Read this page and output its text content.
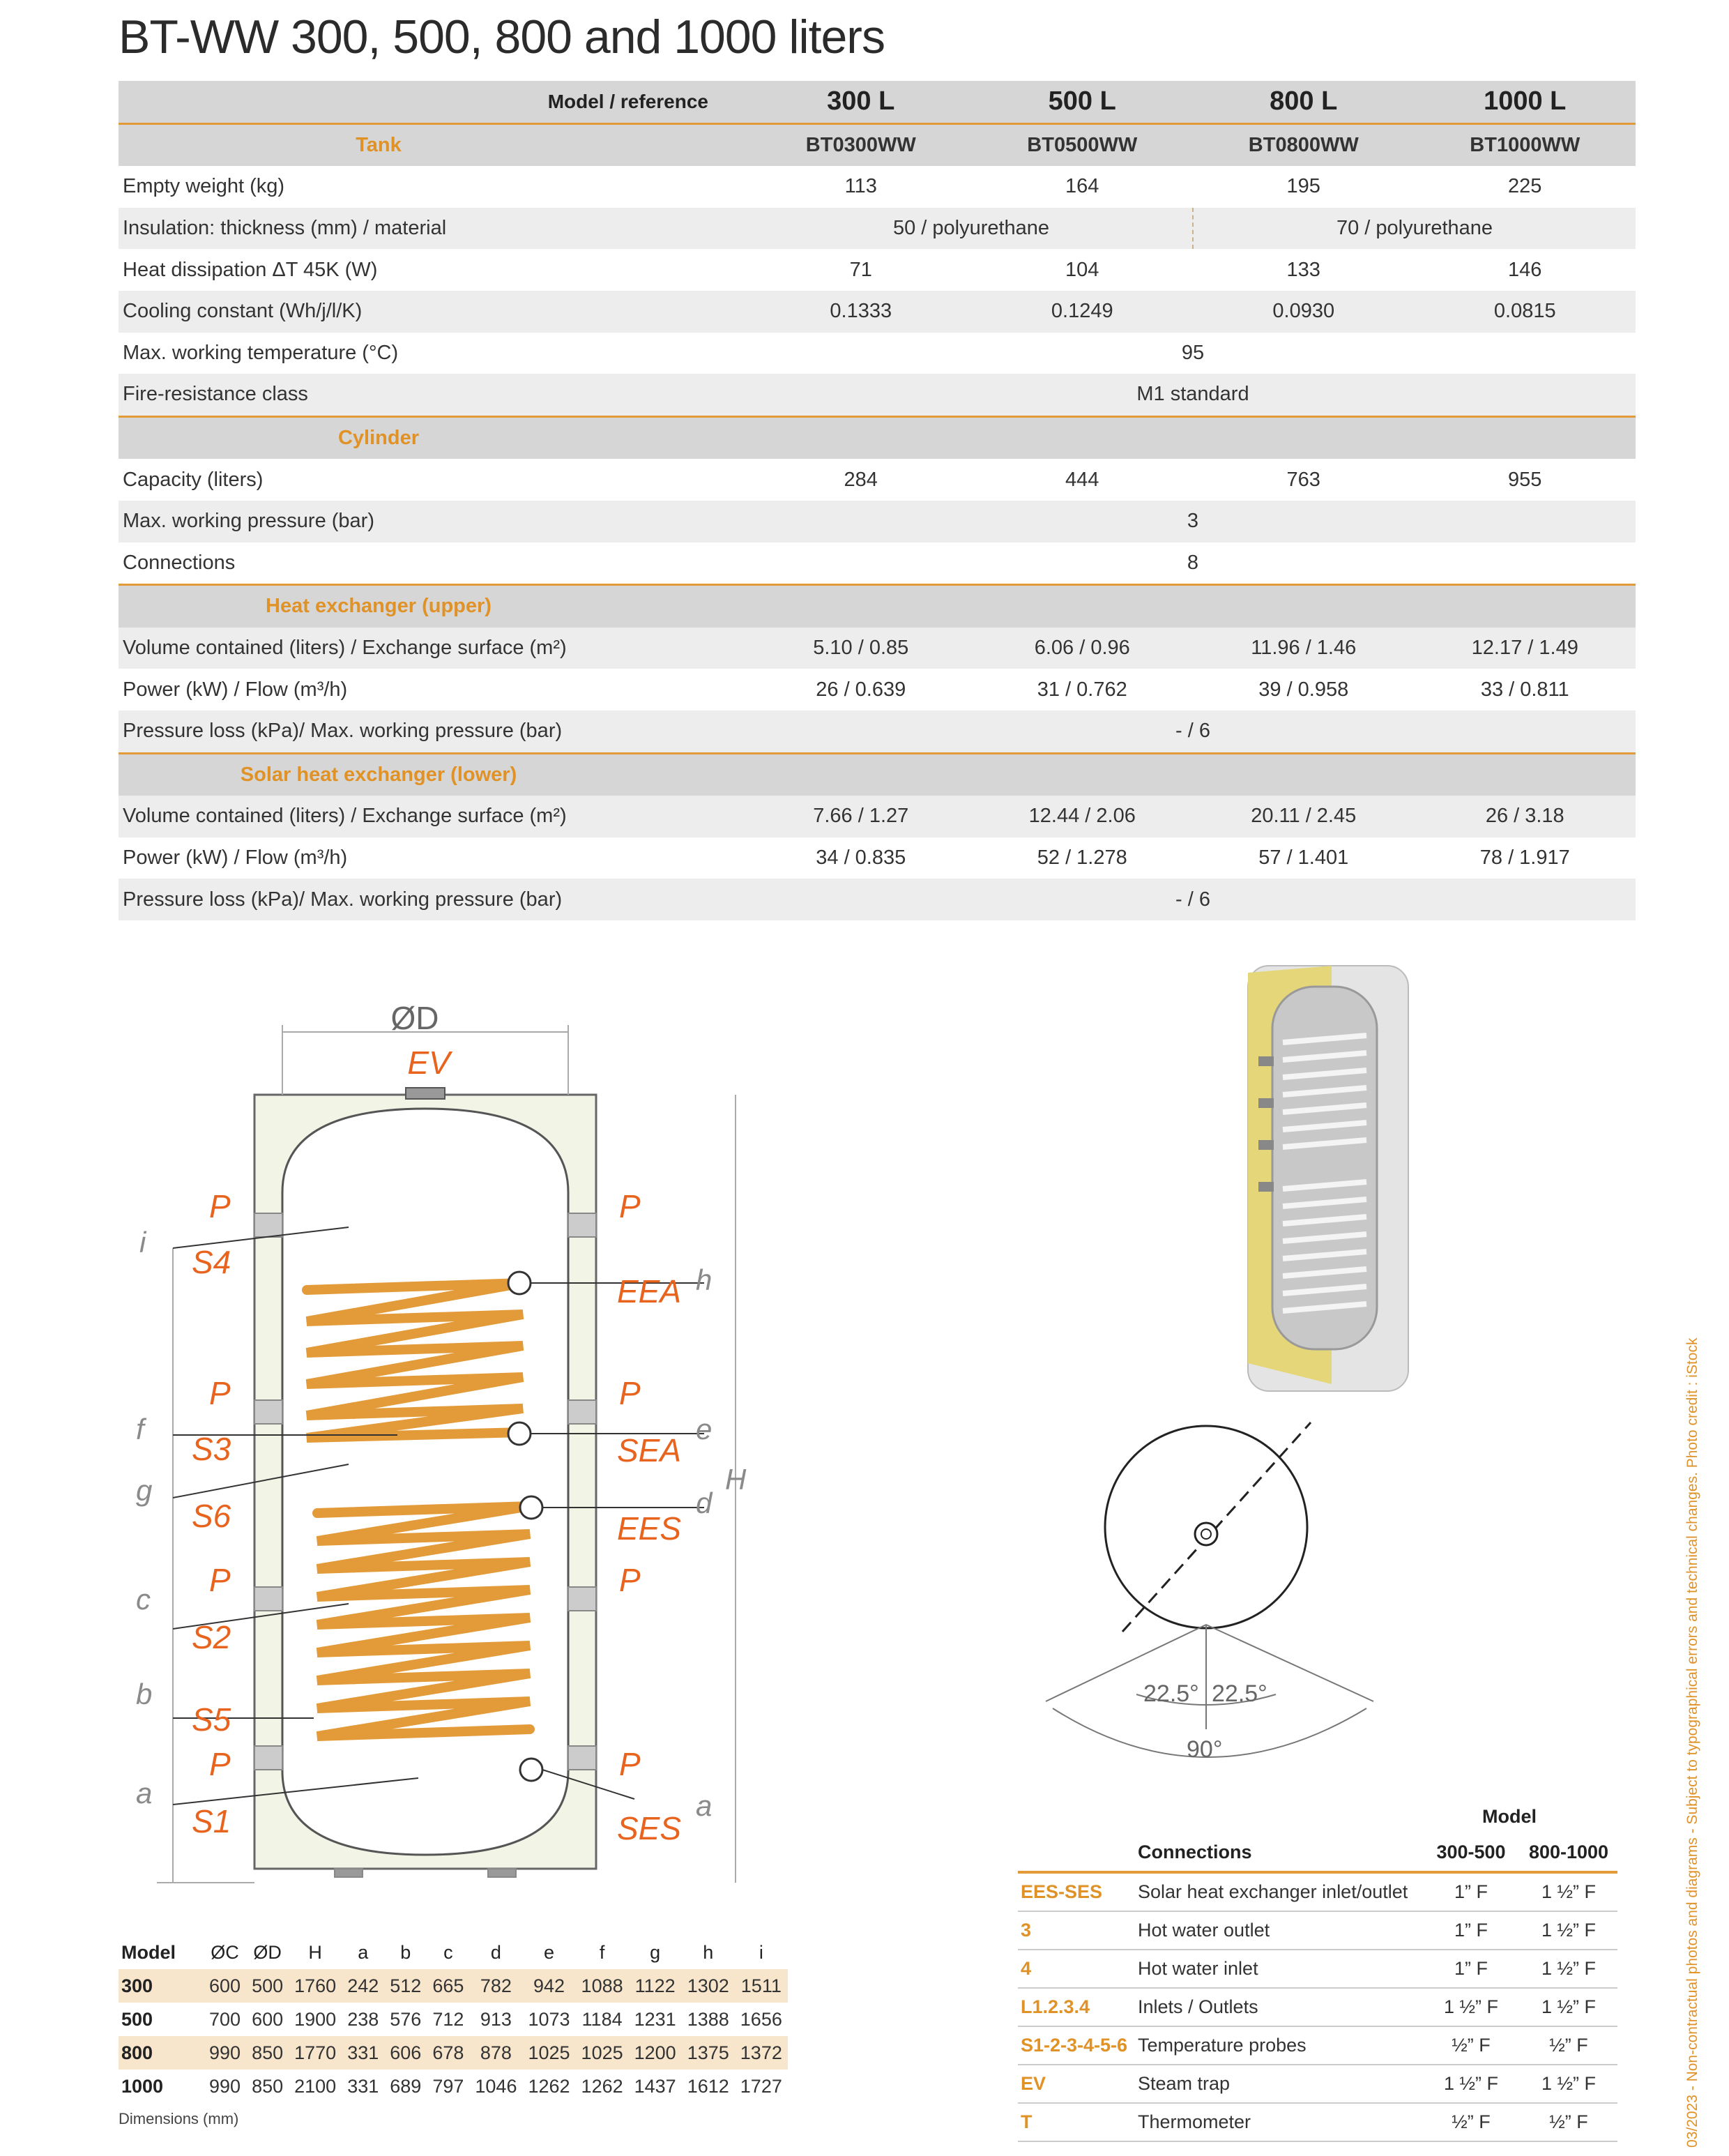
BT-WW 300, 500, 800 and 1000 liters
Model / reference	300 L	500 L	800 L	1000 L
Tank	BT0300WW	BT0500WW	BT0800WW	BT1000WW
Empty weight (kg)	113	164	195	225
Insulation: thickness (mm) / material	50 / polyurethane		70 / polyurethane	
Heat dissipation ΔT 45K (W)	71	104	133	146
Cooling constant (Wh/j/l/K)	0.1333	0.1249	0.0930	0.0815
Max. working temperature (°C)	95			
Fire-resistance class	M1 standard			
Cylinder				
Capacity (liters)	284	444	763	955
Max. working pressure (bar)	3			
Connections	8			
Heat exchanger (upper)				
Volume contained (liters) / Exchange surface (m²)	5.10 / 0.85	6.06 / 0.96	11.96 / 1.46	12.17 / 1.49
Power (kW) / Flow (m³/h)	26 / 0.639	31 / 0.762	39 / 0.958	33 / 0.811
Pressure loss (kPa)/ Max. working pressure (bar)	- / 6			
Solar heat exchanger (lower)				
Volume contained (liters) / Exchange surface (m²)	7.66 / 1.27	12.44 / 2.06	20.11 / 2.45	26 / 3.18
Power (kW) / Flow (m³/h)	34 / 0.835	52 / 1.278	57 / 1.401	78 / 1.917
Pressure loss (kPa)/ Max. working pressure (bar)	- / 6			
ØD
EV
P
S4
P
S3
S6
P
S2
S5
P
S1
P
EEA
P
SEA
EES
P
P
SES
i
f
g
c
b
a
h
e
d
a
H
22.5° 22.5°
90°
Model	ØC	ØD	H	a	b	c	d	e	f	g	h	i
300	600	500	1760	242	512	665	782	942	1088	1122	1302	1511
500	700	600	1900	238	576	712	913	1073	1184	1231	1388	1656
800	990	850	1770	331	606	678	878	1025	1025	1200	1375	1372
1000	990	850	2100	331	689	797	1046	1262	1262	1437	1612	1727
Dimensions (mm)
Model
	Connections	300-500	800-1000
EES-SES	Solar heat exchanger inlet/outlet	1” F	1 ½” F
3	Hot water outlet	1” F	1 ½” F
4	Hot water inlet	1” F	1 ½” F
L1.2.3.4	Inlets / Outlets	1 ½” F	1 ½” F
S1-2-3-4-5-6	Temperature probes	½” F	½” F
EV	Steam trap	1 ½” F	1 ½” F
T	Thermometer	½” F	½” F	03/2023 - Non-contractual photos and diagrams - Subject to typographical errors and technical changes. Photo credit : iStock
